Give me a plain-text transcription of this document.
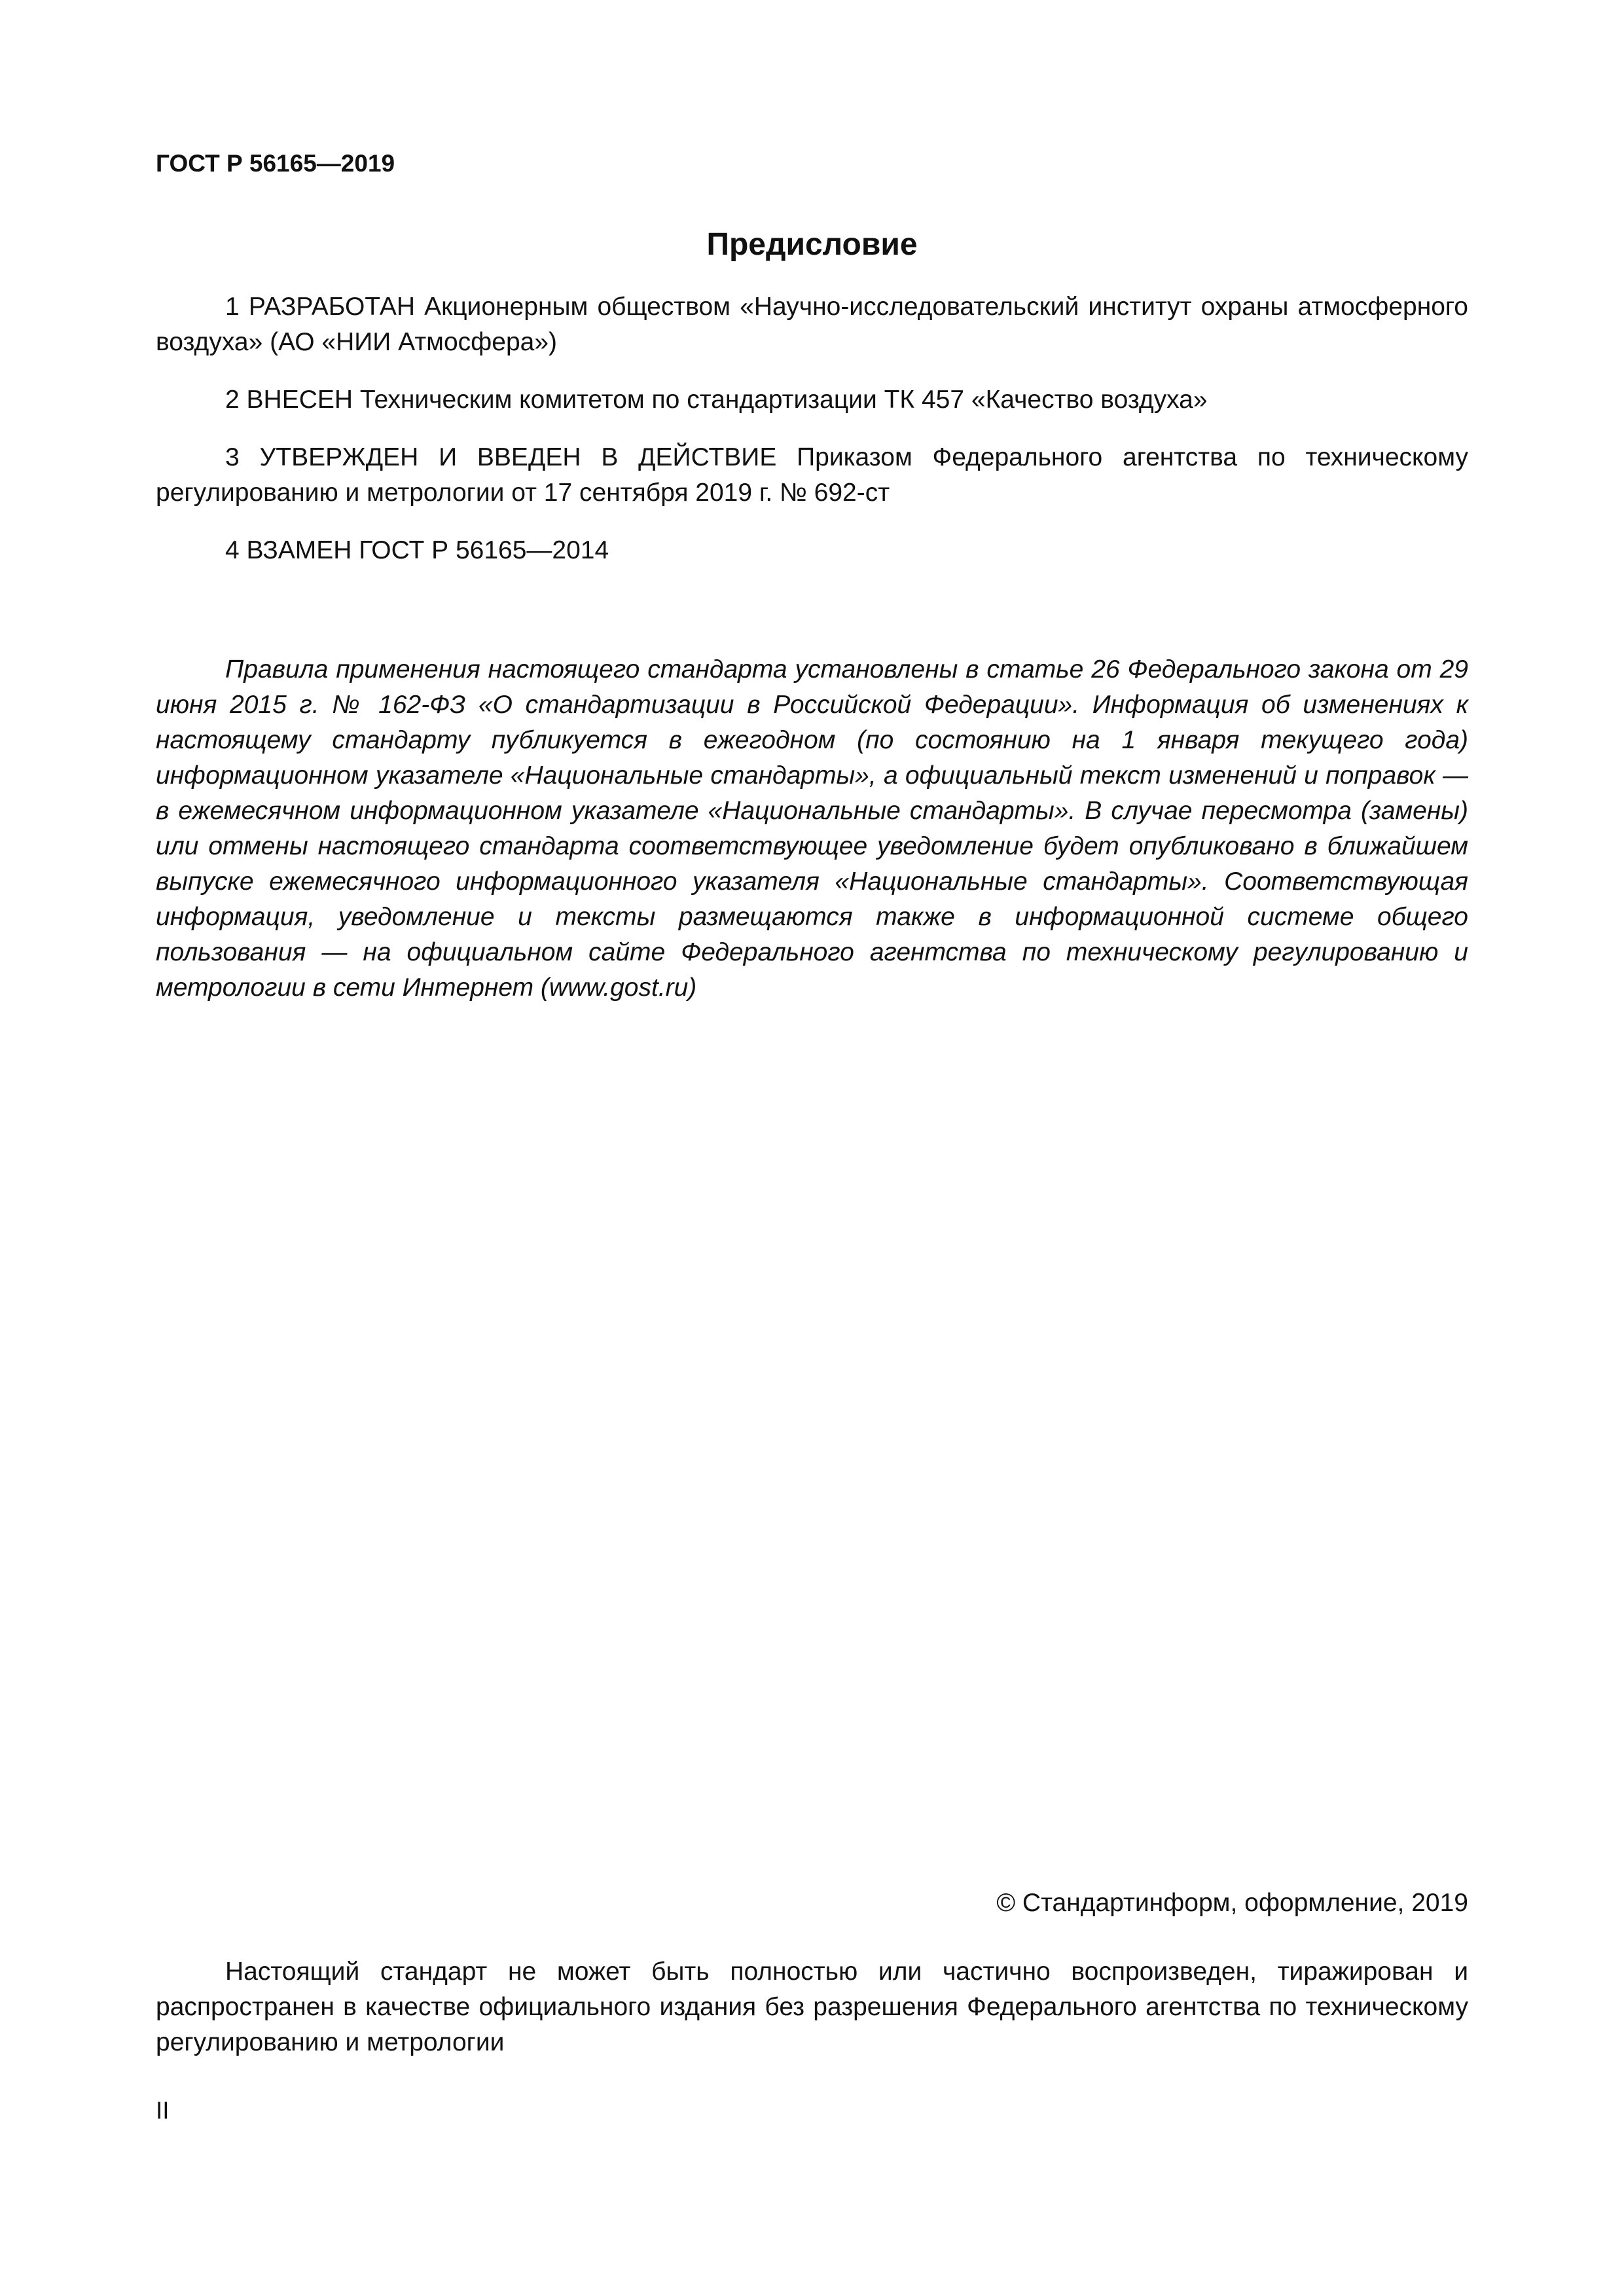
ГОСТ Р 56165—2019
Предисловие

1 РАЗРАБОТАН Акционерным обществом «Научно-исследовательский институт охраны атмосферного воздуха» (АО «НИИ Атмосфера»)

2 ВНЕСЕН Техническим комитетом по стандартизации ТК 457 «Качество воздуха»

3 УТВЕРЖДЕН И ВВЕДЕН В ДЕЙСТВИЕ Приказом Федерального агентства по техническому регулированию и метрологии от 17 сентября 2019 г. № 692-ст

4 ВЗАМЕН ГОСТ Р 56165—2014

Правила применения настоящего стандарта установлены в статье 26 Федерального закона от 29 июня 2015 г. № 162-ФЗ «О стандартизации в Российской Федерации». Информация об изменениях к настоящему стандарту публикуется в ежегодном (по состоянию на 1 января текущего года) информационном указателе «Национальные стандарты», а официальный текст изменений и поправок — в ежемесячном информационном указателе «Национальные стандарты». В случае пересмотра (замены) или отмены настоящего стандарта соответствующее уведомление будет опубликовано в ближайшем выпуске ежемесячного информационного указателя «Национальные стандарты». Соответствующая информация, уведомление и тексты размещаются также в информационной системе общего пользования — на официальном сайте Федерального агентства по техническому регулированию и метрологии в сети Интернет (www.gost.ru)

© Стандартинформ, оформление, 2019

Настоящий стандарт не может быть полностью или частично воспроизведен, тиражирован и распространен в качестве официального издания без разрешения Федерального агентства по техническому регулированию и метрологии

II
